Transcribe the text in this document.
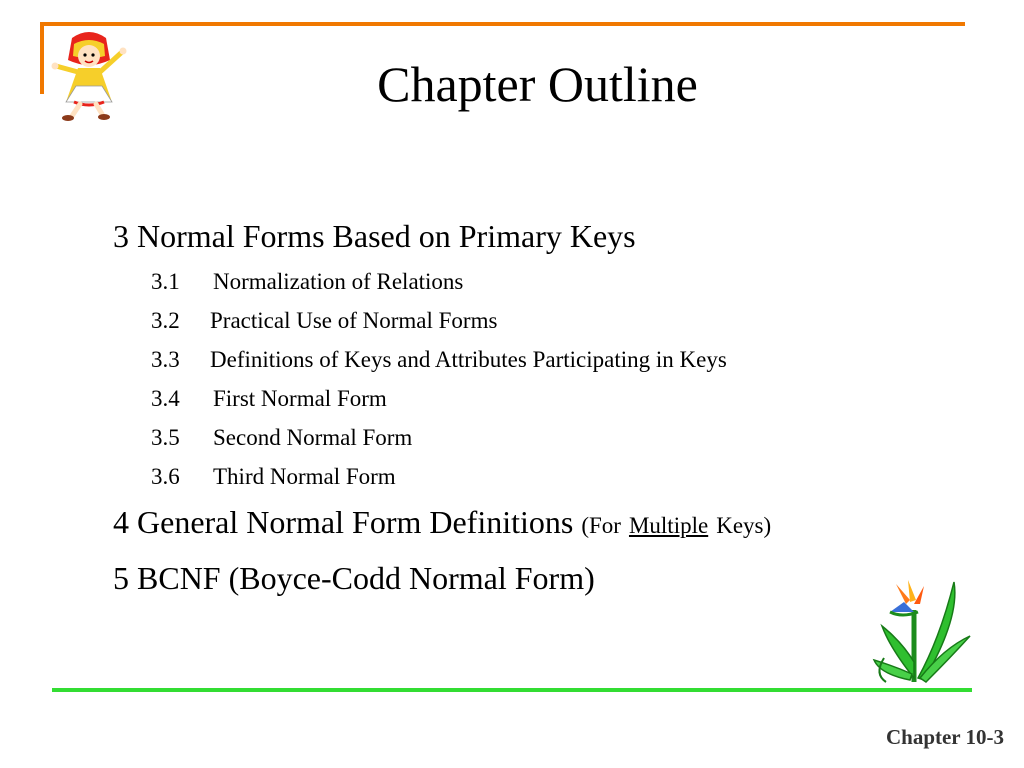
Chapter Outline
3 Normal Forms Based on Primary Keys
3.1 Normalization of Relations
3.2 Practical Use of Normal Forms
3.3 Definitions of Keys and Attributes Participating in Keys
3.4 First Normal Form
3.5 Second Normal Form
3.6 Third Normal Form
4 General Normal Form Definitions (For Multiple Keys)
5 BCNF (Boyce-Codd Normal Form)
Chapter 10-3
